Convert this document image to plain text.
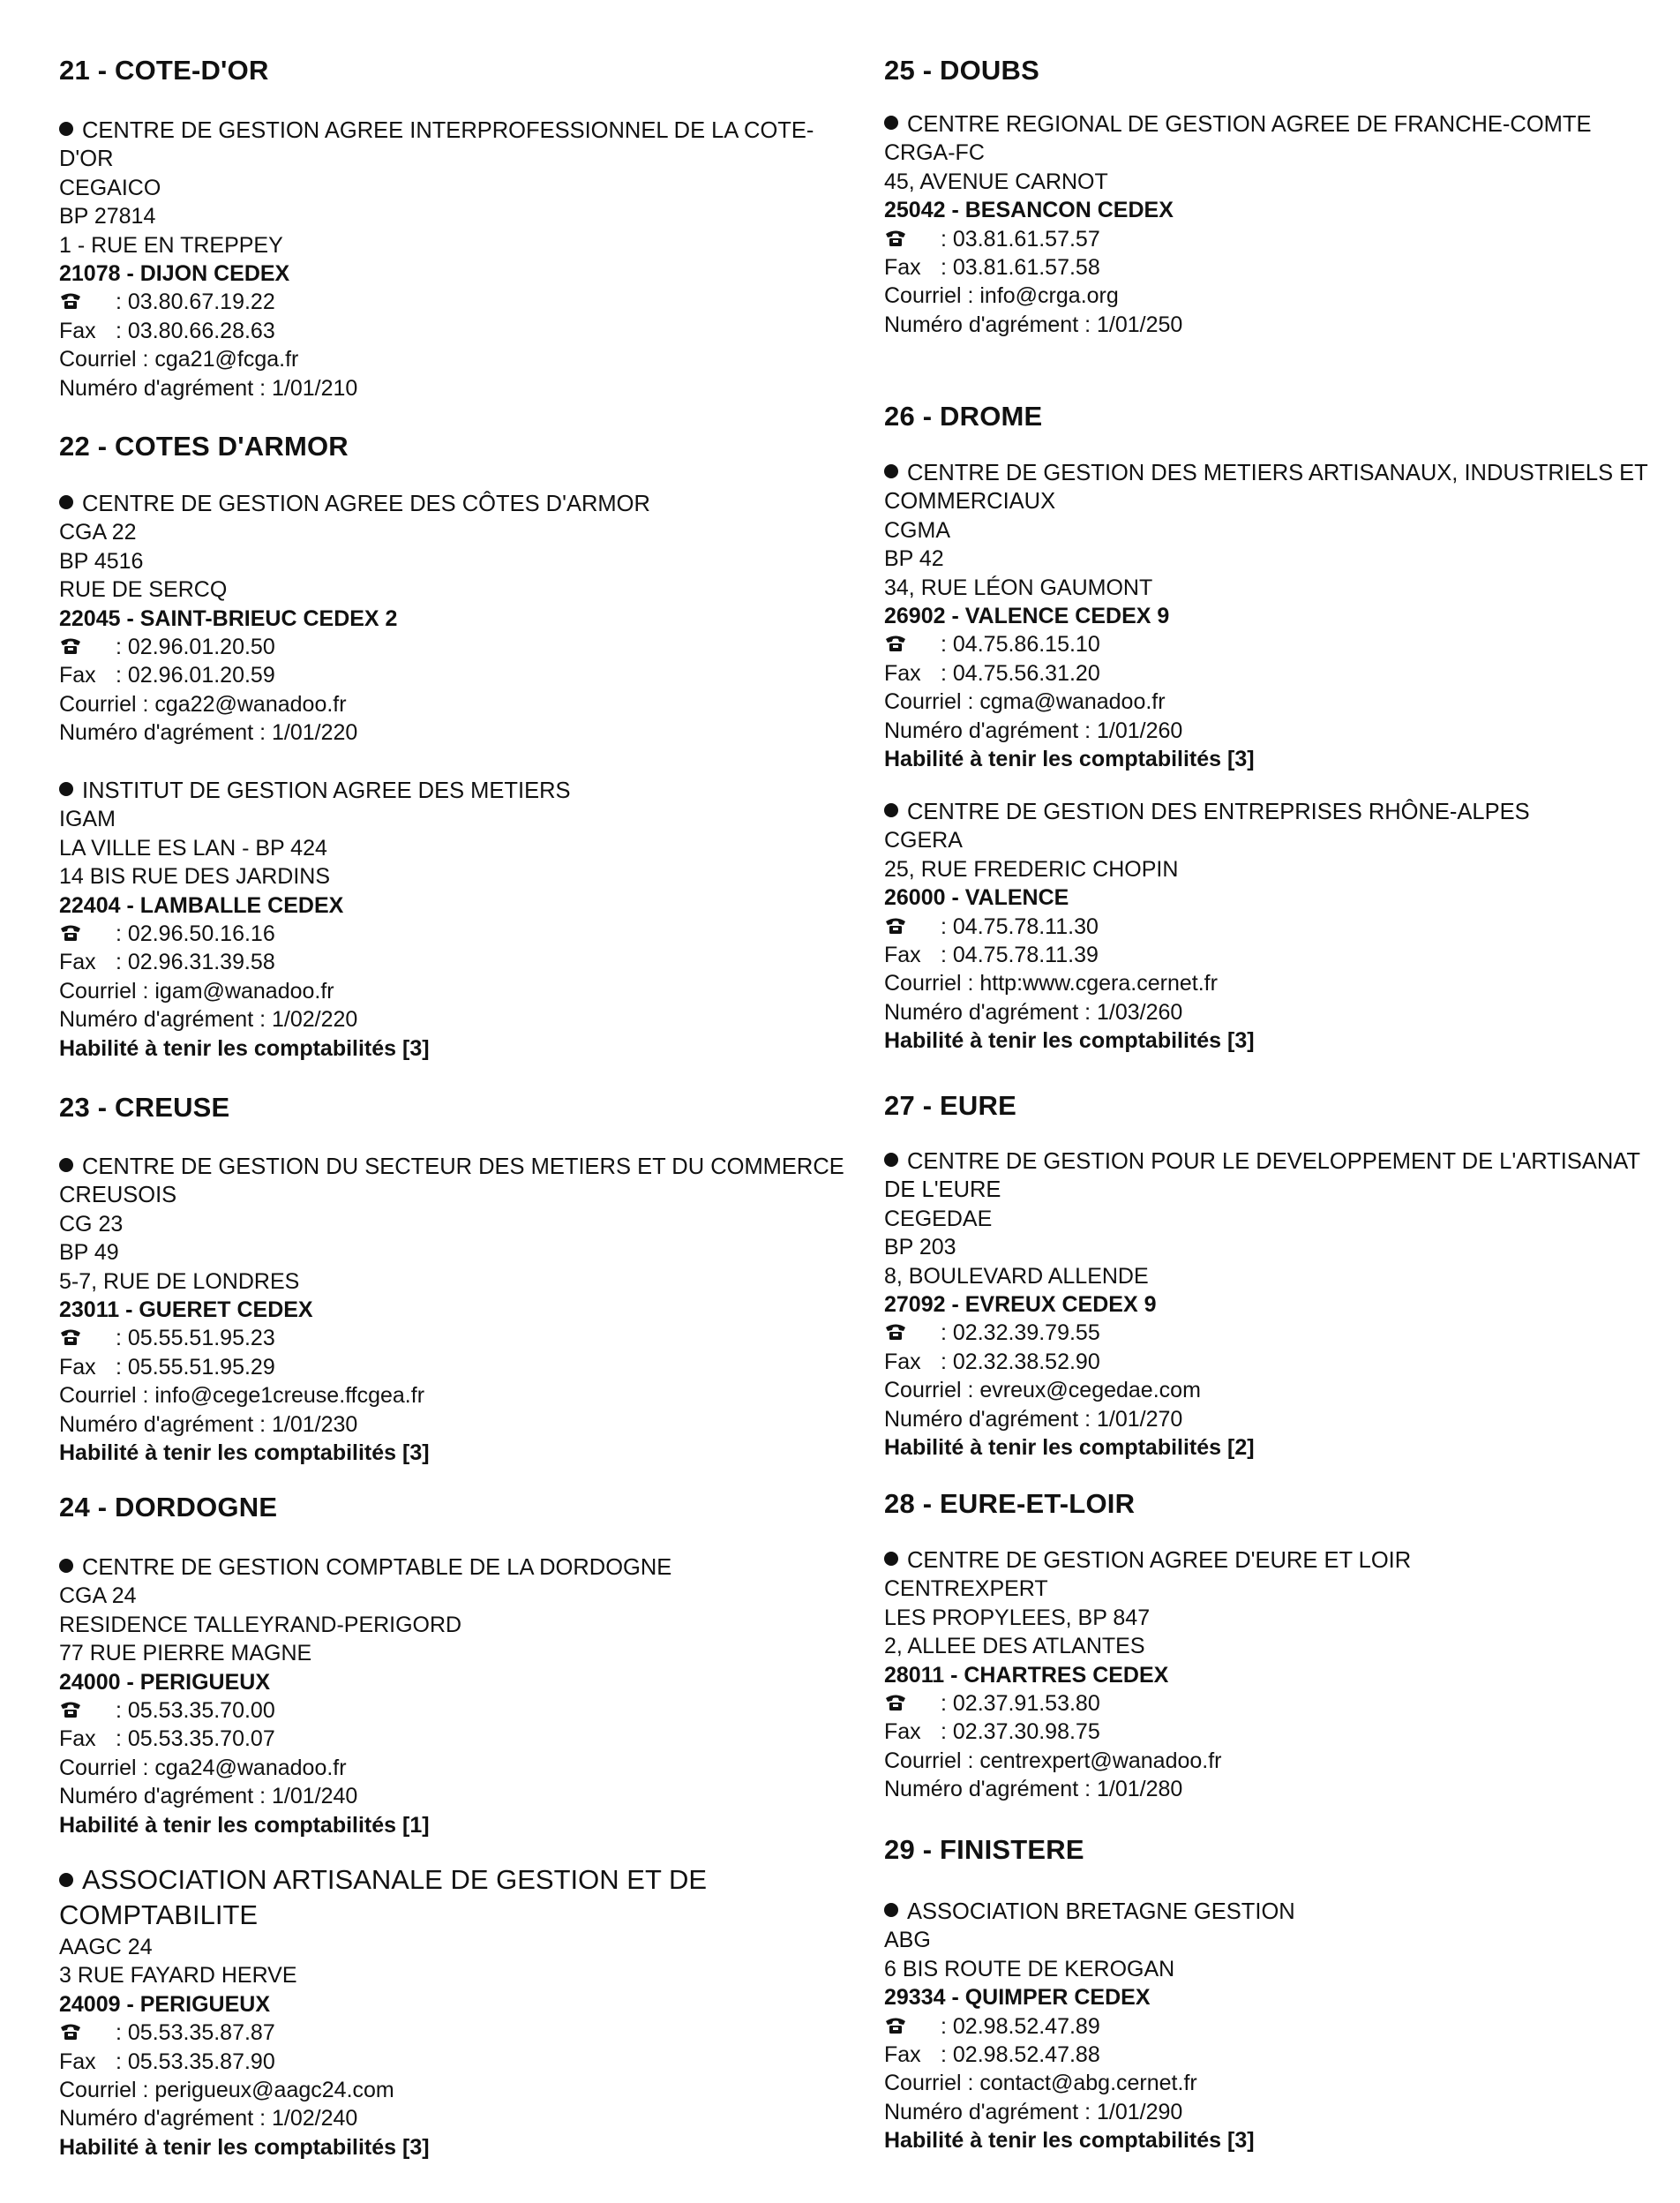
21 - COTE-D'OR
CENTRE DE GESTION AGREE INTERPROFESSIONNEL DE LA COTE-D'OR
CEGAICO
BP 27814
1 - RUE EN TREPPEY
21078 - DIJON CEDEX
: 03.80.67.19.22
Fax : 03.80.66.28.63
Courriel : cga21@fcga.fr
Numéro d'agrément : 1/01/210
22 - COTES D'ARMOR
CENTRE DE GESTION AGREE DES CÔTES D'ARMOR
CGA 22
BP 4516
RUE DE SERCQ
22045 - SAINT-BRIEUC CEDEX 2
: 02.96.01.20.50
Fax : 02.96.01.20.59
Courriel : cga22@wanadoo.fr
Numéro d'agrément : 1/01/220
INSTITUT DE GESTION AGREE DES METIERS
IGAM
LA VILLE ES LAN - BP 424
14 BIS RUE DES JARDINS
22404 - LAMBALLE CEDEX
: 02.96.50.16.16
Fax : 02.96.31.39.58
Courriel : igam@wanadoo.fr
Numéro d'agrément : 1/02/220
Habilité à tenir les comptabilités [3]
23 - CREUSE
CENTRE DE GESTION DU SECTEUR DES METIERS ET DU COMMERCE CREUSOIS
CG 23
BP 49
5-7, RUE DE LONDRES
23011 - GUERET CEDEX
: 05.55.51.95.23
Fax : 05.55.51.95.29
Courriel : info@cege1creuse.ffcgea.fr
Numéro d'agrément : 1/01/230
Habilité à tenir les comptabilités [3]
24 - DORDOGNE
CENTRE DE GESTION COMPTABLE DE LA DORDOGNE
CGA 24
RESIDENCE TALLEYRAND-PERIGORD
77 RUE PIERRE MAGNE
24000 - PERIGUEUX
: 05.53.35.70.00
Fax : 05.53.35.70.07
Courriel : cga24@wanadoo.fr
Numéro d'agrément : 1/01/240
Habilité à tenir les comptabilités [1]
ASSOCIATION ARTISANALE DE GESTION ET DE COMPTABILITE
AAGC 24
3 RUE FAYARD HERVE
24009 - PERIGUEUX
: 05.53.35.87.87
Fax : 05.53.35.87.90
Courriel : perigueux@aagc24.com
Numéro d'agrément : 1/02/240
Habilité à tenir les comptabilités [3]
25 - DOUBS
CENTRE REGIONAL DE GESTION AGREE DE FRANCHE-COMTE
CRGA-FC
45, AVENUE CARNOT
25042 - BESANCON CEDEX
: 03.81.61.57.57
Fax : 03.81.61.57.58
Courriel : info@crga.org
Numéro d'agrément : 1/01/250
26 - DROME
CENTRE DE GESTION DES METIERS ARTISANAUX, INDUSTRIELS ET COMMERCIAUX
CGMA
BP 42
34, RUE LÉON GAUMONT
26902 - VALENCE CEDEX 9
: 04.75.86.15.10
Fax : 04.75.56.31.20
Courriel : cgma@wanadoo.fr
Numéro d'agrément : 1/01/260
Habilité à tenir les comptabilités [3]
CENTRE DE GESTION DES ENTREPRISES RHÔNE-ALPES
CGERA
25, RUE FREDERIC CHOPIN
26000 - VALENCE
: 04.75.78.11.30
Fax : 04.75.78.11.39
Courriel : http:www.cgera.cernet.fr
Numéro d'agrément : 1/03/260
Habilité à tenir les comptabilités [3]
27 - EURE
CENTRE DE GESTION POUR LE DEVELOPPEMENT DE L'ARTISANAT DE L'EURE
CEGEDAE
BP 203
8, BOULEVARD ALLENDE
27092 - EVREUX CEDEX 9
: 02.32.39.79.55
Fax : 02.32.38.52.90
Courriel : evreux@cegedae.com
Numéro d'agrément : 1/01/270
Habilité à tenir les comptabilités [2]
28 - EURE-ET-LOIR
CENTRE DE GESTION AGREE D'EURE ET LOIR
CENTREXPERT
LES PROPYLEES, BP 847
2, ALLEE DES ATLANTES
28011 - CHARTRES CEDEX
: 02.37.91.53.80
Fax : 02.37.30.98.75
Courriel : centrexpert@wanadoo.fr
Numéro d'agrément : 1/01/280
29 - FINISTERE
ASSOCIATION BRETAGNE GESTION
ABG
6 BIS ROUTE DE KEROGAN
29334 - QUIMPER CEDEX
: 02.98.52.47.89
Fax : 02.98.52.47.88
Courriel : contact@abg.cernet.fr
Numéro d'agrément : 1/01/290
Habilité à tenir les comptabilités [3]
